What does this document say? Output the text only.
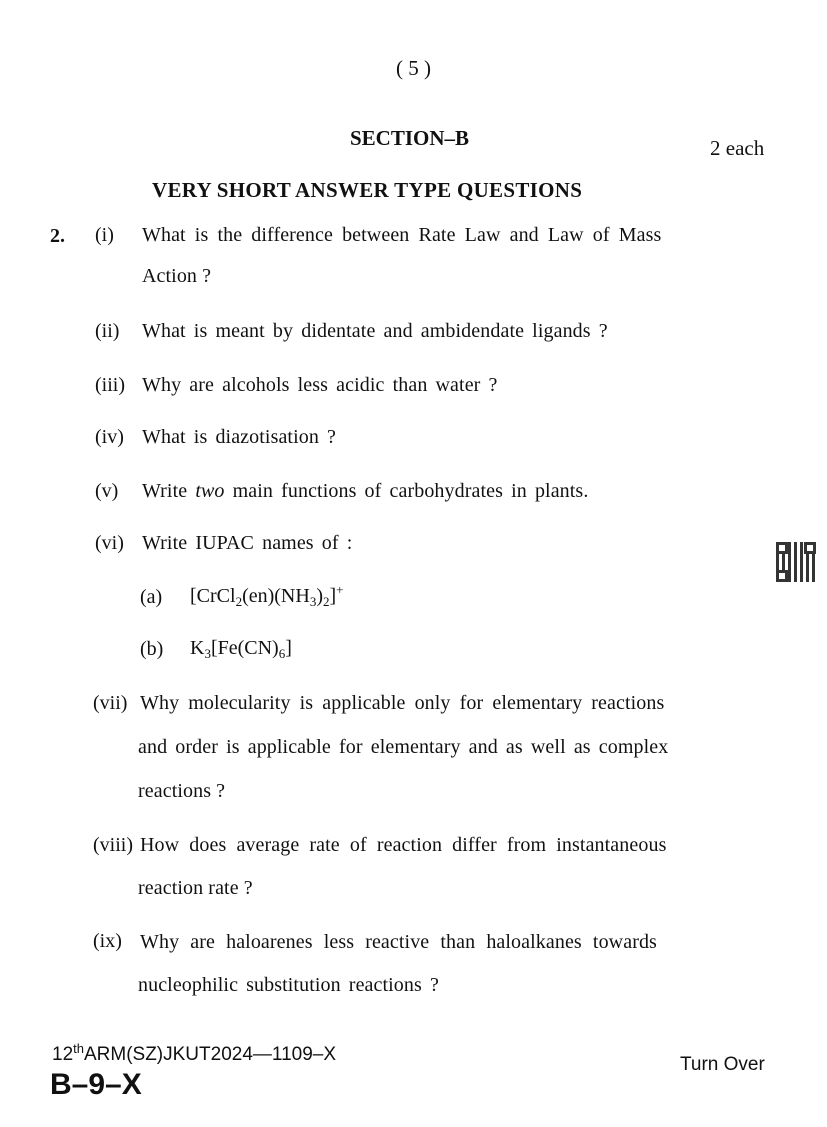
( 5 )
SECTION–B	2 each
VERY SHORT ANSWER TYPE QUESTIONS
2. (i) What is the difference between Rate Law and Law of Mass
Action ?
(ii) What is meant by didentate and ambidendate ligands ?
(iii) Why are alcohols less acidic than water ?
(iv) What is diazotisation ?
(v) Write two main functions of carbohydrates in plants.
(vi) Write IUPAC names of :
(a) $[CrCl_2(en)(NH_3)_2]^+$
(b) $K_3[Fe(CN)_6]$
(vii) Why molecularity is applicable only for elementary reactions
and order is applicable for elementary and as well as complex
reactions ?
(viii) How does average rate of reaction differ from instantaneous
reaction rate ?
(ix) Why are haloarenes less reactive than haloalkanes towards
nucleophilic substitution reactions ?
12thARM(SZ)JKUT2024—1109–X
B–9–X
Turn Over
